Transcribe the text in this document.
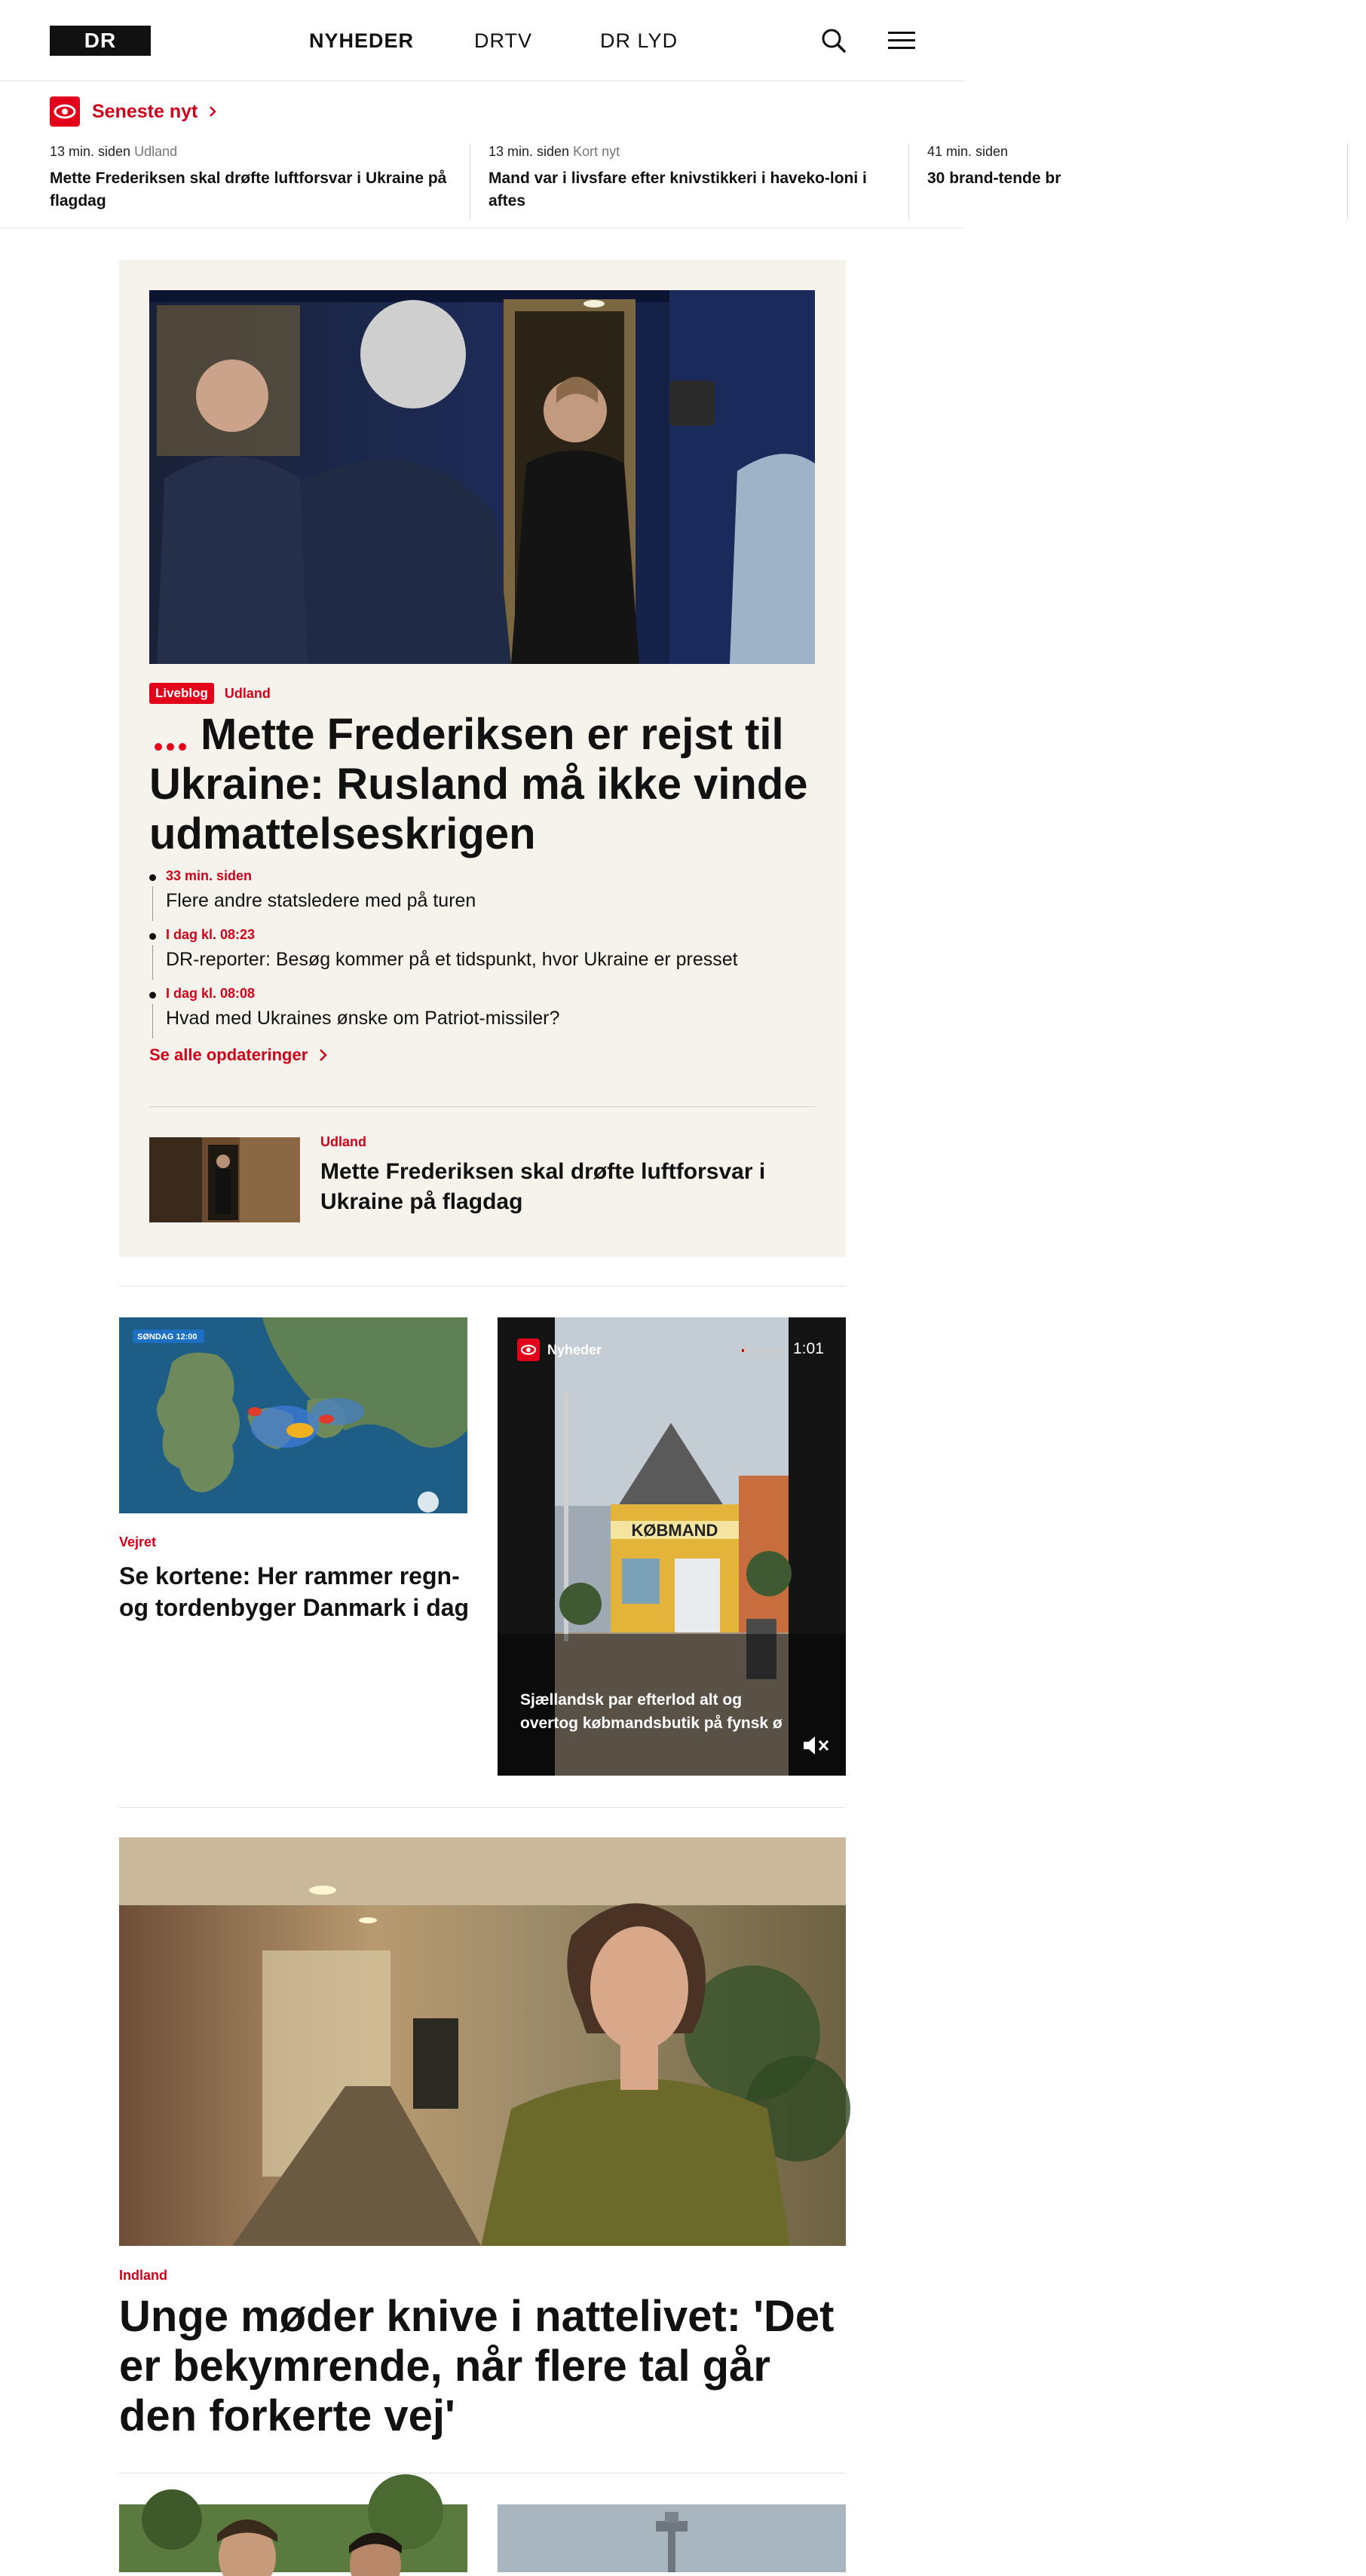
DR	NYHEDER	DRTV	DR LYD
Seneste nyt
13 min. siden Udland
Mette Frederiksen skal drøfte luftforsvar i Ukraine på flagdag
13 min. siden Kort nyt
Mand var i livsfare efter knivstikkeri i haveko-loni i aftes
41 min. siden
30 brand-tende br
Liveblog	Udland
Mette Frederiksen er rejst til Ukraine: Rusland må ikke vinde udmattelseskrigen
33 min. siden
Flere andre statsledere med på turen
I dag kl. 08:23
DR-reporter: Besøg kommer på et tidspunkt, hvor Ukraine er presset
I dag kl. 08:08
Hvad med Ukraines ønske om Patriot-missiler?
Se alle opdateringer
Udland
Mette Frederiksen skal drøfte luftforsvar i Ukraine på flagdag
SØNDAG 12:00
Vejret
Se kortene: Her rammer regn- og tordenbyger Danmark i dag
KØBMAND
Nyheder	1:01
Sjællandsk par efterlod alt og overtog købmandsbutik på fynsk ø
Indland
Unge møder knive i nattelivet: 'Det er bekymrende, når flere tal går den forkerte vej'
